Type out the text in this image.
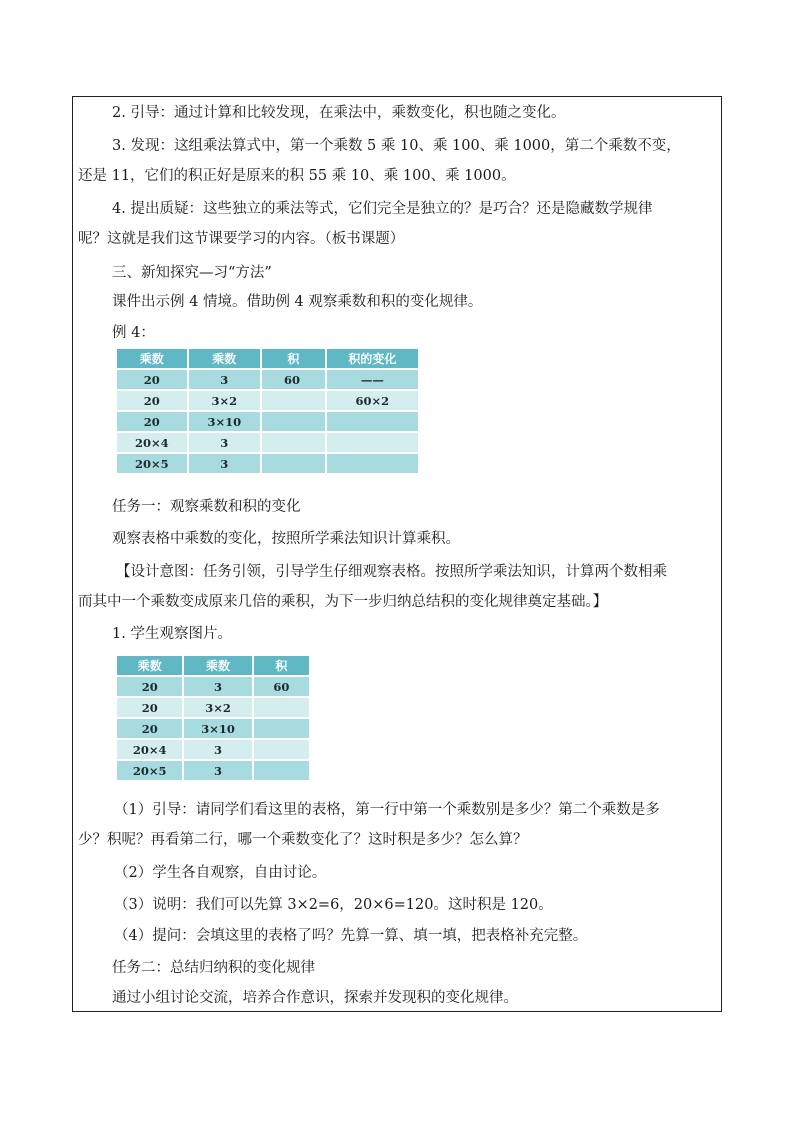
2. 引导：通过计算和比较发现，在乘法中，乘数变化，积也随之变化。
3. 发现：这组乘法算式中，第一个乘数 5 乘 10、乘 100、乘 1000，第二个乘数不变，
还是 11，它们的积正好是原来的积 55 乘 10、乘 100、乘 1000。
4. 提出质疑：这些独立的乘法等式，它们完全是独立的？是巧合？还是隐藏数学规律
呢？这就是我们这节课要学习的内容。（板书课题）
三、新知探究—习“方法”
课件出示例 4 情境。借助例 4 观察乘数和积的变化规律。
例 4：
乘数	乘数	积	积的变化
20	3	60	——
20	3×2		60×2
20	3×10		
20×4	3		
20×5	3		
任务一：观察乘数和积的变化
观察表格中乘数的变化，按照所学乘法知识计算乘积。
【设计意图：任务引领，引导学生仔细观察表格。按照所学乘法知识，计算两个数相乘
而其中一个乘数变成原来几倍的乘积，为下一步归纳总结积的变化规律奠定基础。】
1. 学生观察图片。
乘数	乘数	积
20	3	60
20	3×2	
20	3×10	
20×4	3	
20×5	3	
（1）引导：请同学们看这里的表格，第一行中第一个乘数别是多少？第二个乘数是多
少？积呢？再看第二行，哪一个乘数变化了？这时积是多少？怎么算？
（2）学生各自观察，自由讨论。
（3）说明：我们可以先算 3×2=6，20×6=120。这时积是 120。
（4）提问：会填这里的表格了吗？先算一算、填一填，把表格补充完整。
任务二：总结归纳积的变化规律
通过小组讨论交流，培养合作意识，探索并发现积的变化规律。
